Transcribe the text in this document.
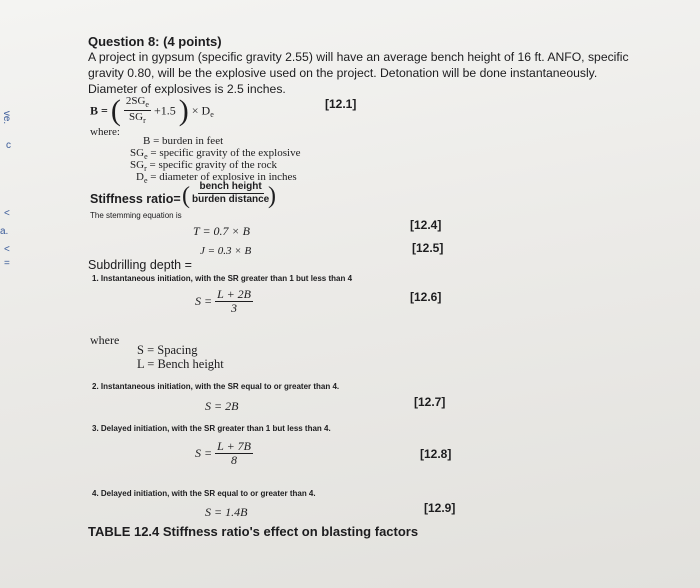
ve.
c
<
a.
<
=
Question 8: (4 points)
A project in gypsum (specific gravity 2.55) will have an average bench height of 16 ft. ANFO, specific
gravity 0.80, will be the explosive used on the project. Detonation will be done instantaneously.
Diameter of explosives is 2.5 inches.
B = ( $\frac{2SG_e}{SG_r} +1.5$ ) × $D_e$
[12.1]
where:
B = burden in feet
$SG_e$ = specific gravity of the explosive
$SG_r$ = specific gravity of the rock
$D_e$ = diameter of explosive in inches
Stiffness ratio= ( bench height
burden distance
)
The stemming equation is
T = 0.7 × B	[12.4]
J = 0.3 × B	[12.5]
Subdrilling depth =
1. Instantaneous initiation, with the SR greater than 1 but less than 4
$S = \frac{L + 2B}{3}$	[12.6]
where
S = Spacing
L = Bench height
2. Instantaneous initiation, with the SR equal to or greater than 4.
S = 2B	[12.7]
3. Delayed initiation, with the SR greater than 1 but less than 4.
$S = \frac{L + 7B}{8}$	[12.8]
4. Delayed initiation, with the SR equal to or greater than 4.
S = 1.4B	[12.9]
TABLE 12.4 Stiffness ratio's effect on blasting factors
